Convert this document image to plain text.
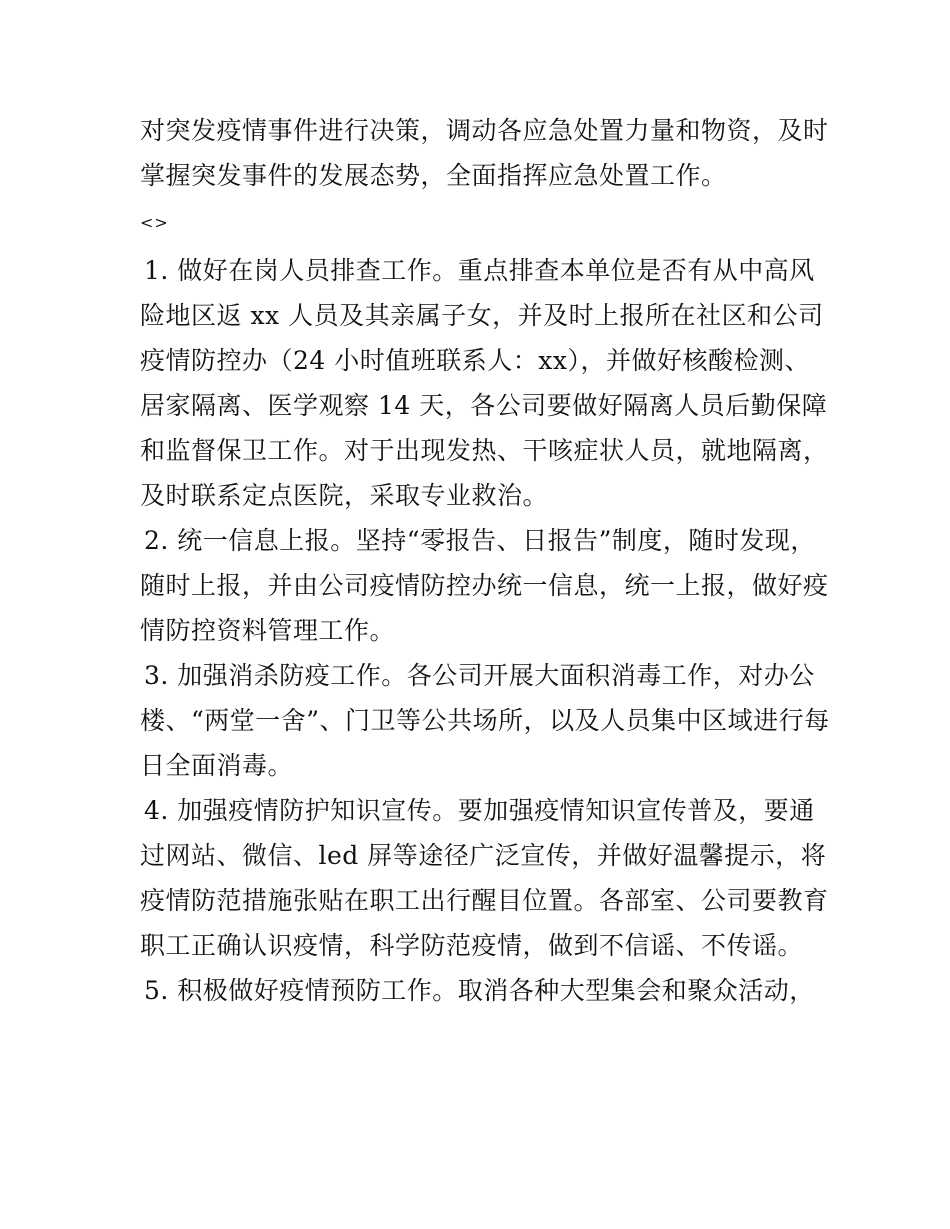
对突发疫情事件进行决策，调动各应急处置力量和物资，及时
掌握突发事件的发展态势，全面指挥应急处置工作。
<>
1. 做好在岗人员排查工作。重点排查本单位是否有从中高风
险地区返 xx 人员及其亲属子女，并及时上报所在社区和公司
疫情防控办（24 小时值班联系人：xx），并做好核酸检测、
居家隔离、医学观察 14 天，各公司要做好隔离人员后勤保障
和监督保卫工作。对于出现发热、干咳症状人员，就地隔离，
及时联系定点医院，采取专业救治。
2. 统一信息上报。坚持“零报告、日报告”制度，随时发现，
随时上报，并由公司疫情防控办统一信息，统一上报，做好疫
情防控资料管理工作。
3. 加强消杀防疫工作。各公司开展大面积消毒工作，对办公
楼、“两堂一舍”、门卫等公共场所，以及人员集中区域进行每
日全面消毒。
4. 加强疫情防护知识宣传。要加强疫情知识宣传普及，要通
过网站、微信、led 屏等途径广泛宣传，并做好温馨提示，将
疫情防范措施张贴在职工出行醒目位置。各部室、公司要教育
职工正确认识疫情，科学防范疫情，做到不信谣、不传谣。
5. 积极做好疫情预防工作。取消各种大型集会和聚众活动，
